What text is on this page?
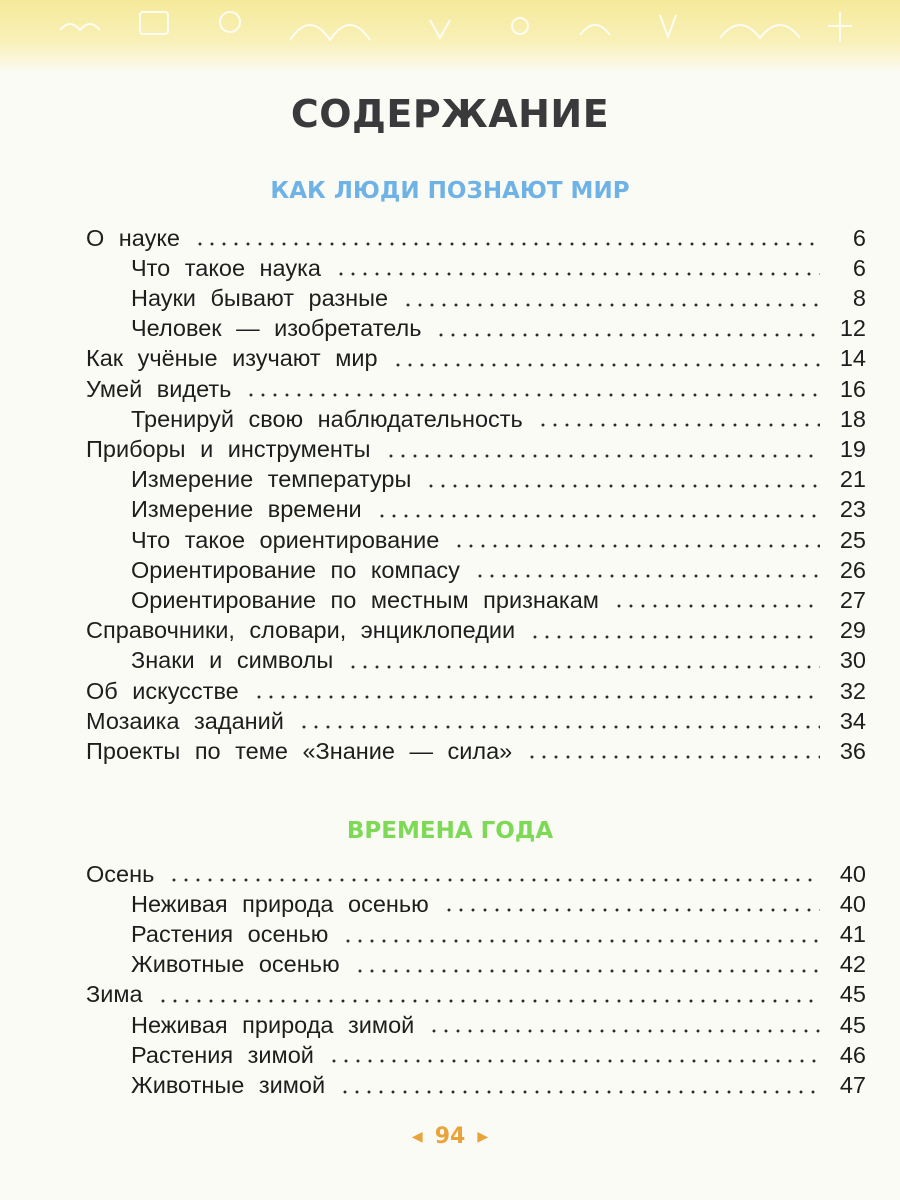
СОДЕРЖАНИЕ
КАК ЛЮДИ ПОЗНАЮТ МИР
О науке	6
Что такое наука	6
Науки бывают разные	8
Человек — изобретатель	12
Как учёные изучают мир	14
Умей видеть	16
Тренируй свою наблюдательность	18
Приборы и инструменты	19
Измерение температуры	21
Измерение времени	23
Что такое ориентирование	25
Ориентирование по компасу	26
Ориентирование по местным признакам	27
Справочники, словари, энциклопедии	29
Знаки и символы	30
Об искусстве	32
Мозаика заданий	34
Проекты по теме «Знание — сила»	36
ВРЕМЕНА ГОДА
Осень	40
Неживая природа осенью	40
Растения осенью	41
Животные осенью	42
Зима	45
Неживая природа зимой	45
Растения зимой	46
Животные зимой	47
◀ 94 ▶
